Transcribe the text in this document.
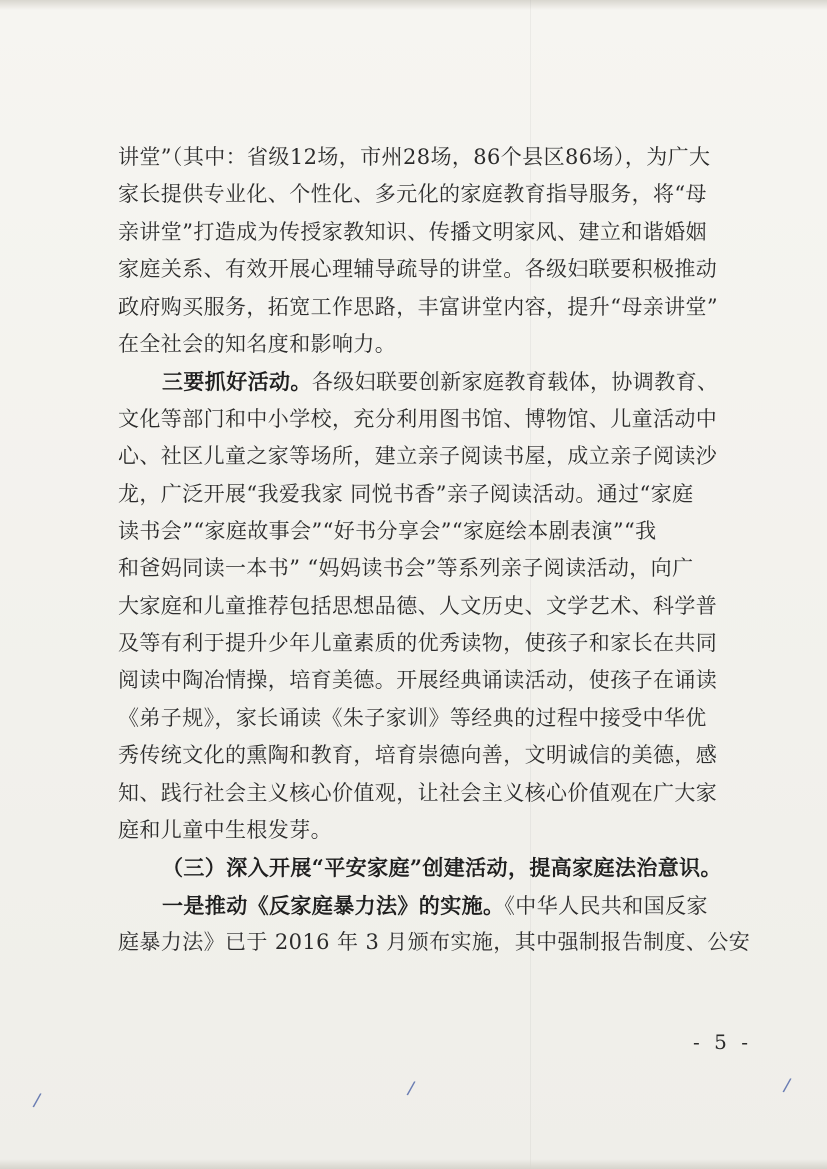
讲堂”（其中：省级12场，市州28场，86个县区86场），为广大
家长提供专业化、个性化、多元化的家庭教育指导服务，将“母
亲讲堂”打造成为传授家教知识、传播文明家风、建立和谐婚姻
家庭关系、有效开展心理辅导疏导的讲堂。各级妇联要积极推动
政府购买服务，拓宽工作思路，丰富讲堂内容，提升“母亲讲堂”
在全社会的知名度和影响力。
三要抓好活动。各级妇联要创新家庭教育载体，协调教育、
文化等部门和中小学校，充分利用图书馆、博物馆、儿童活动中
心、社区儿童之家等场所，建立亲子阅读书屋，成立亲子阅读沙
龙，广泛开展“我爱我家 同悦书香”亲子阅读活动。通过“家庭
读书会”“家庭故事会”“好书分享会”“家庭绘本剧表演”“我
和爸妈同读一本书” “妈妈读书会”等系列亲子阅读活动，向广
大家庭和儿童推荐包括思想品德、人文历史、文学艺术、科学普
及等有利于提升少年儿童素质的优秀读物，使孩子和家长在共同
阅读中陶冶情操，培育美德。开展经典诵读活动，使孩子在诵读
《弟子规》，家长诵读《朱子家训》等经典的过程中接受中华优
秀传统文化的熏陶和教育，培育崇德向善，文明诚信的美德，感
知、践行社会主义核心价值观，让社会主义核心价值观在广大家
庭和儿童中生根发芽。
（三）深入开展“平安家庭”创建活动，提高家庭法治意识。
一是推动《反家庭暴力法》的实施。《中华人民共和国反家
庭暴力法》已于 2016 年 3 月颁布实施，其中强制报告制度、公安
- 5 -
/
/	/
